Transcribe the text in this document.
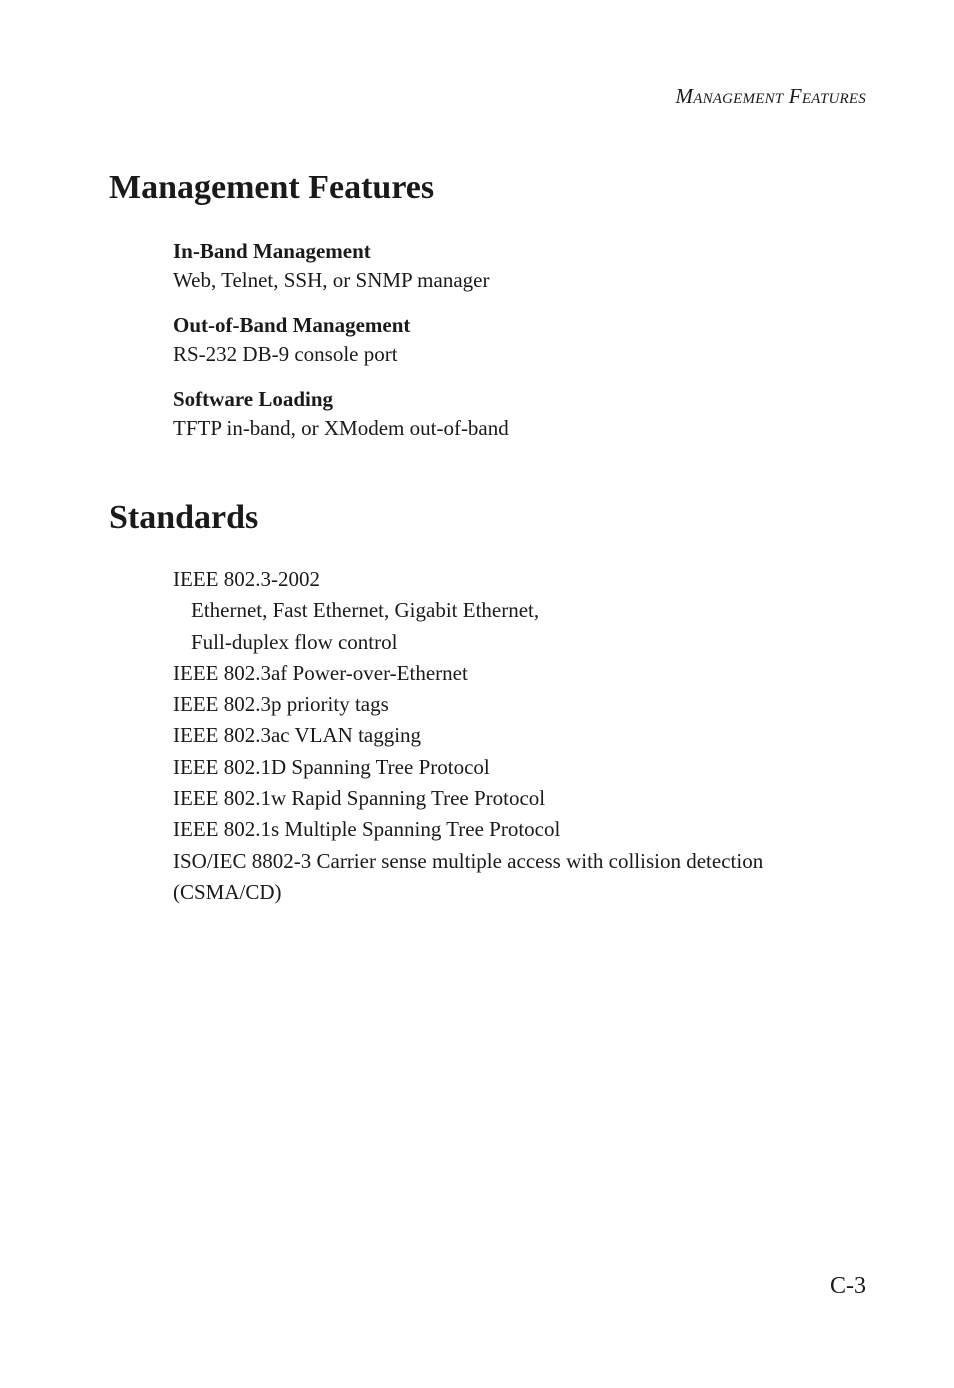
Management Features
Management Features
In-Band Management
Web, Telnet, SSH, or SNMP manager
Out-of-Band Management
RS-232 DB-9 console port
Software Loading
TFTP in-band, or XModem out-of-band
Standards
IEEE 802.3-2002
Ethernet, Fast Ethernet, Gigabit Ethernet,
Full-duplex flow control
IEEE 802.3af Power-over-Ethernet
IEEE 802.3p priority tags
IEEE 802.3ac VLAN tagging
IEEE 802.1D Spanning Tree Protocol
IEEE 802.1w Rapid Spanning Tree Protocol
IEEE 802.1s Multiple Spanning Tree Protocol
ISO/IEC 8802-3 Carrier sense multiple access with collision detection
(CSMA/CD)
C-3
